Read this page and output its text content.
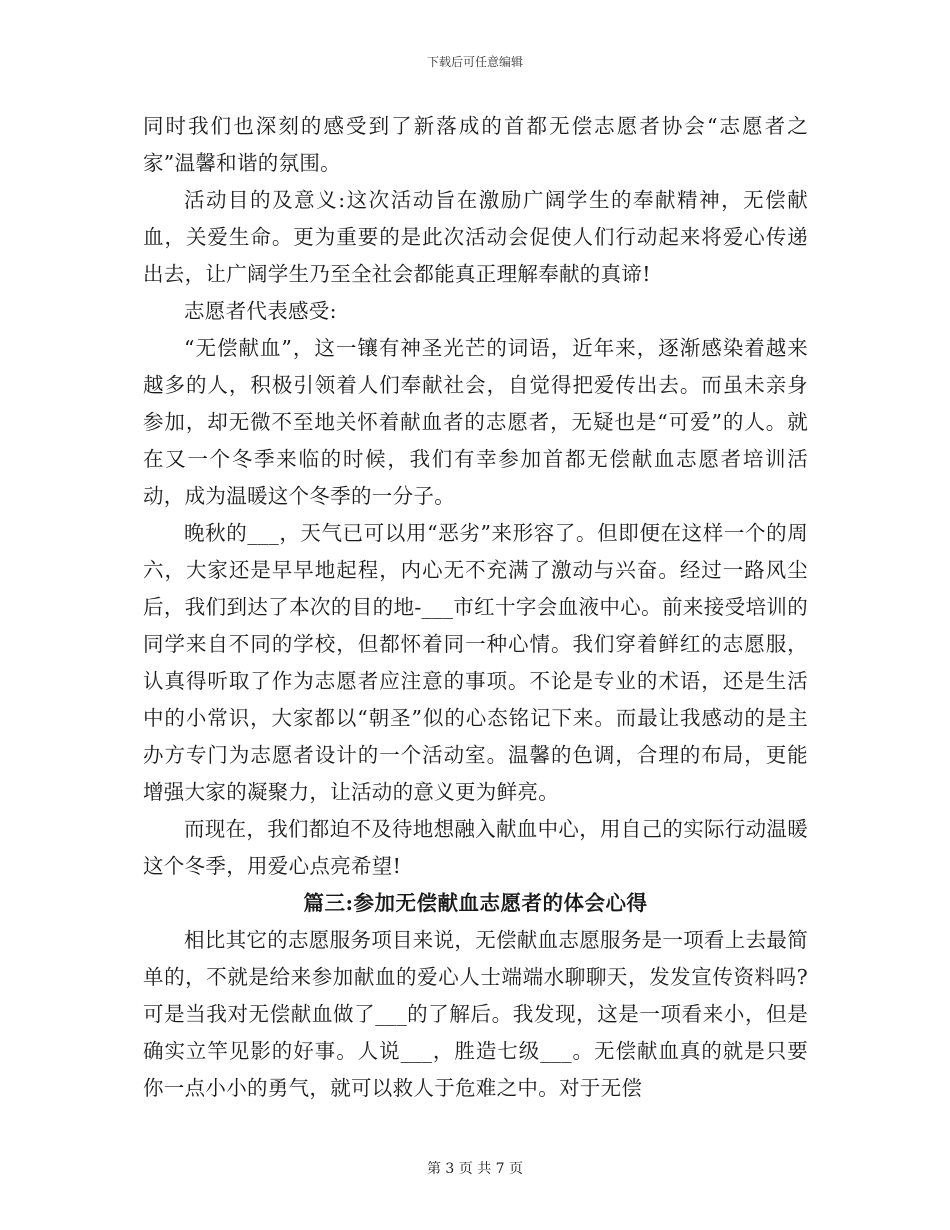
下载后可任意编辑

同时我们也深刻的感受到了新落成的首都无偿志愿者协会“志愿者之家”温馨和谐的氛围。

活动目的及意义:这次活动旨在激励广阔学生的奉献精神，无偿献血，关爱生命。更为重要的是此次活动会促使人们行动起来将爱心传递出去，让广阔学生乃至全社会都能真正理解奉献的真谛!

志愿者代表感受:

“无偿献血”，这一镶有神圣光芒的词语，近年来，逐渐感染着越来越多的人，积极引领着人们奉献社会，自觉得把爱传出去。而虽未亲身参加，却无微不至地关怀着献血者的志愿者，无疑也是“可爱”的人。就在又一个冬季来临的时候，我们有幸参加首都无偿献血志愿者培训活动，成为温暖这个冬季的一分子。

晚秋的___，天气已可以用“恶劣”来形容了。但即便在这样一个的周六，大家还是早早地起程，内心无不充满了激动与兴奋。经过一路风尘后，我们到达了本次的目的地-___市红十字会血液中心。前来接受培训的同学来自不同的学校，但都怀着同一种心情。我们穿着鲜红的志愿服，认真得听取了作为志愿者应注意的事项。不论是专业的术语，还是生活中的小常识，大家都以“朝圣”似的心态铭记下来。而最让我感动的是主办方专门为志愿者设计的一个活动室。温馨的色调，合理的布局，更能增强大家的凝聚力，让活动的意义更为鲜亮。

而现在，我们都迫不及待地想融入献血中心，用自己的实际行动温暖这个冬季，用爱心点亮希望!

篇三:参加无偿献血志愿者的体会心得

相比其它的志愿服务项目来说，无偿献血志愿服务是一项看上去最简单的，不就是给来参加献血的爱心人士端端水聊聊天，发发宣传资料吗?可是当我对无偿献血做了___的了解后。我发现，这是一项看来小，但是确实立竿见影的好事。人说___，胜造七级___。无偿献血真的就是只要你一点小小的勇气，就可以救人于危难之中。对于无偿

第 3 页 共 7 页
